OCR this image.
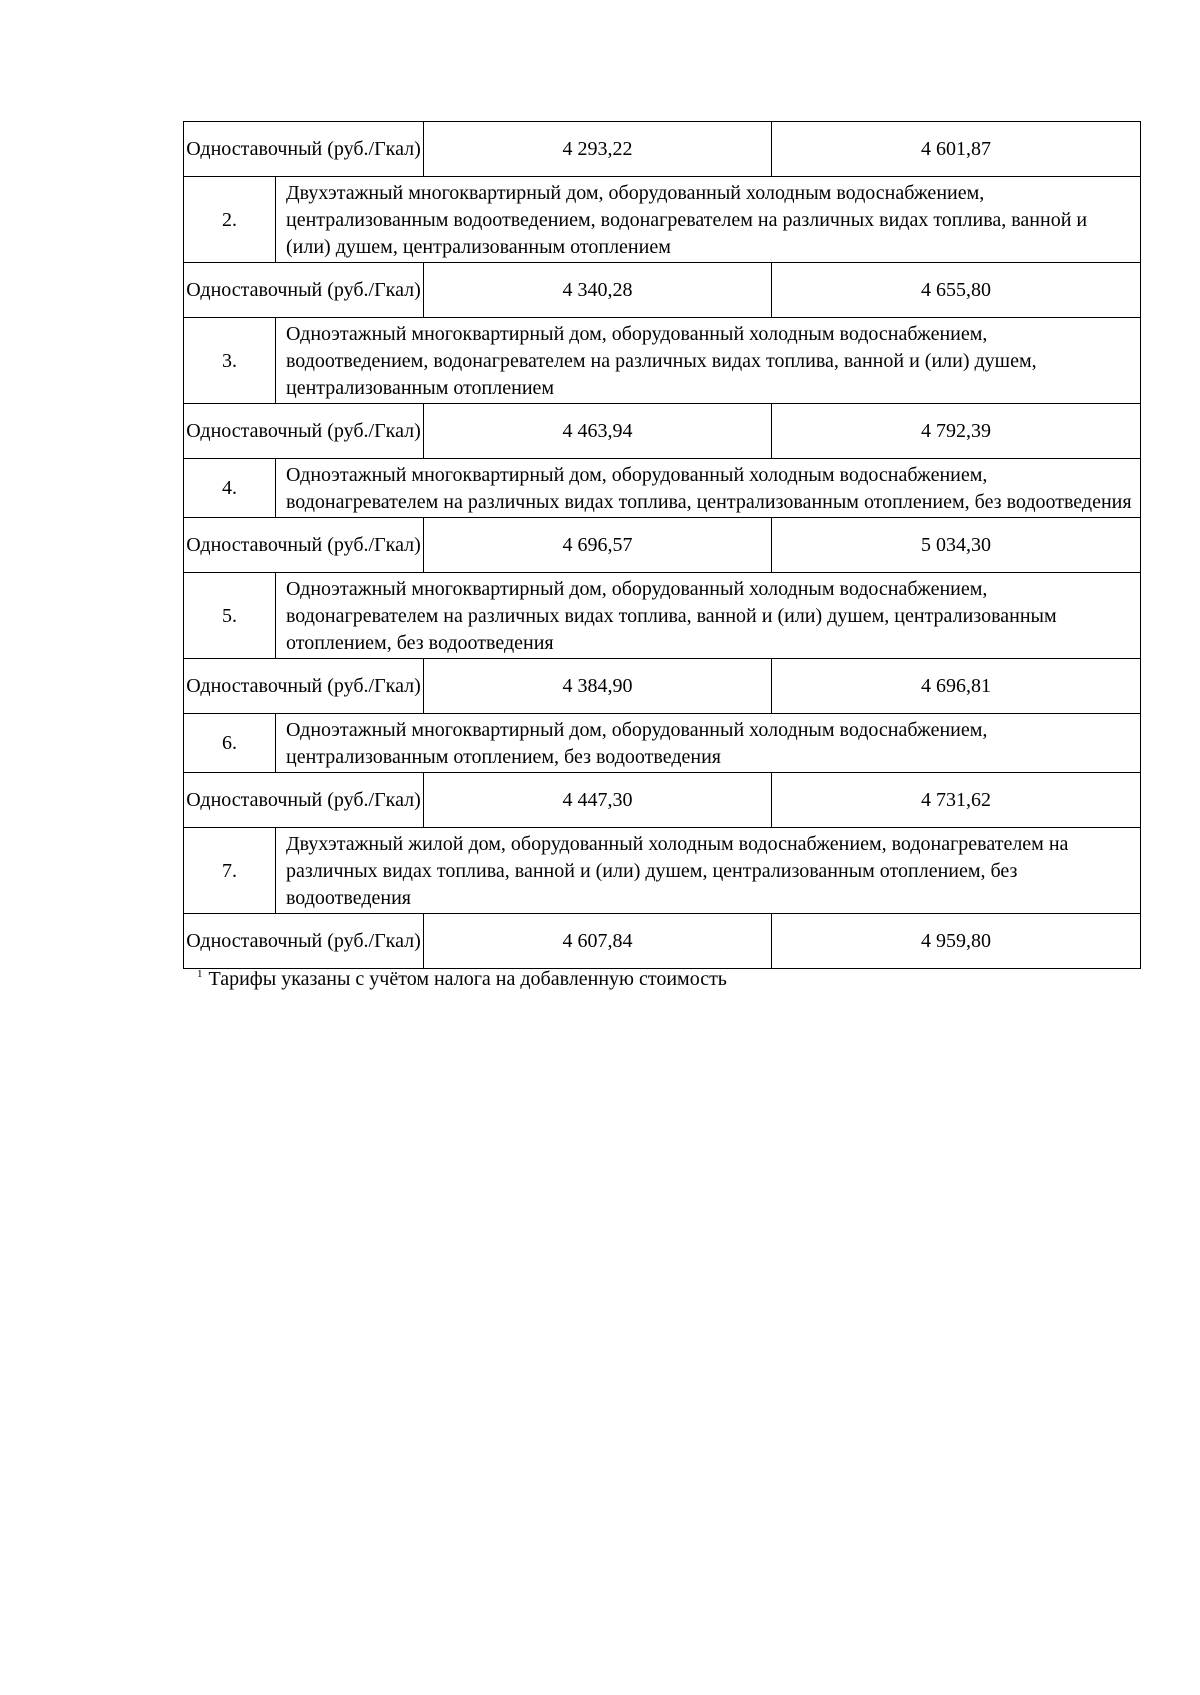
Одноставочный (руб./Гкал)		4 293,22	4 601,87
2.	Двухэтажный многоквартирный дом, оборудованный холодным водоснабжением, централизованным водоотведением, водонагревателем на различных видах топлива, ванной и (или) душем, централизованным отоплением		
Одноставочный (руб./Гкал)		4 340,28	4 655,80
3.	Одноэтажный многоквартирный дом, оборудованный холодным водоснабжением, водоотведением, водонагревателем на различных видах топлива, ванной и (или) душем, централизованным отоплением		
Одноставочный (руб./Гкал)		4 463,94	4 792,39
4.	Одноэтажный многоквартирный дом, оборудованный холодным водоснабжением, водонагревателем на различных видах топлива, централизованным отоплением, без водоотведения		
Одноставочный (руб./Гкал)		4 696,57	5 034,30
5.	Одноэтажный многоквартирный дом, оборудованный холодным водоснабжением, водонагревателем на различных видах топлива, ванной и (или) душем, централизованным отоплением, без водоотведения		
Одноставочный (руб./Гкал)		4 384,90	4 696,81
6.	Одноэтажный многоквартирный дом, оборудованный холодным водоснабжением, централизованным отоплением, без водоотведения		
Одноставочный (руб./Гкал)		4 447,30	4 731,62
7.	Двухэтажный жилой дом, оборудованный холодным водоснабжением, водонагревателем на различных видах топлива, ванной и (или) душем, централизованным отоплением, без водоотведения		
Одноставочный (руб./Гкал)		4 607,84	4 959,80
$^1$ Тарифы указаны с учётом налога на добавленную стоимость
